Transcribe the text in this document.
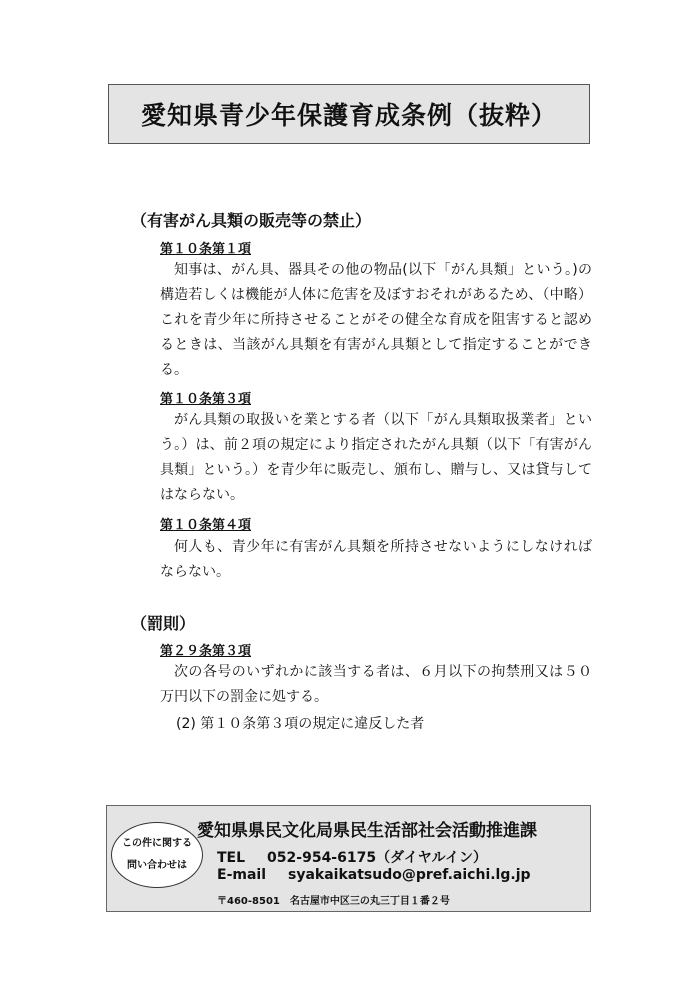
愛知県青少年保護育成条例（抜粋）
（有害がん具類の販売等の禁止）
第１０条第１項

知事は、がん具、器具その他の物品(以下「がん具類」という。)の構造若しくは機能が人体に危害を及ぼすおそれがあるため、（中略）これを青少年に所持させることがその健全な育成を阻害すると認めるときは、当該がん具類を有害がん具類として指定することができる。

第１０条第３項

がん具類の取扱いを業とする者（以下「がん具類取扱業者」という。）は、前２項の規定により指定されたがん具類（以下「有害がん具類」という。）を青少年に販売し、頒布し、贈与し、又は貸与してはならない。

第１０条第４項

何人も、青少年に有害がん具類を所持させないようにしなければならない。

（罰則）
第２９条第３項

次の各号のいずれかに該当する者は、６月以下の拘禁刑又は５０万円以下の罰金に処する。

(2) 第１０条第３項の規定に違反した者
この件に関する
問い合わせは
愛知県県民文化局県民生活部社会活動推進課
TEL 052-954-6175（ダイヤルイン）
E-mail syakaikatsudo@pref.aichi.lg.jp
〒460-8501　名古屋市中区三の丸三丁目１番２号
